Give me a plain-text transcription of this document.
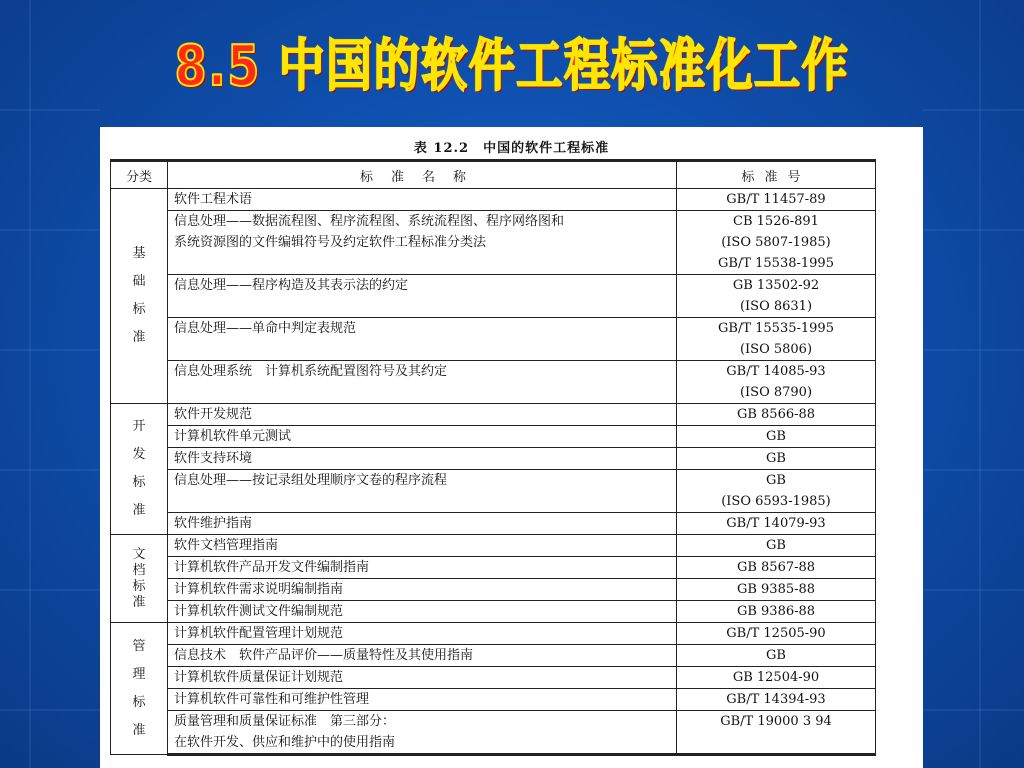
8.5 中国的软件工程标准化工作
表 12.2　中国的软件工程标准
分类	标准名称	标准号

基
础
标
准	软件工程术语	GB/T 11457-89
	信息处理——数据流程图、程序流程图、系统流程图、程序网络图和
系统资源图的文件编辑符号及约定软件工程标准分类法	CB 1526-891
(ISO 5807-1985)
GB/T 15538-1995
	信息处理——程序构造及其表示法的约定	GB 13502-92
(ISO 8631)
	信息处理——单命中判定表规范	GB/T 15535-1995
(ISO 5806)
	信息处理系统　计算机系统配置图符号及其约定	GB/T 14085-93
(ISO 8790)

开
发
标
准	软件开发规范	GB 8566-88
	计算机软件单元测试	GB
	软件支持环境	GB
	信息处理——按记录组处理顺序文卷的程序流程	GB
(ISO 6593-1985)
	软件维护指南	GB/T 14079-93

文
档
标
准	软件文档管理指南	GB
	计算机软件产品开发文件编制指南	GB 8567-88
	计算机软件需求说明编制指南	GB 9385-88
	计算机软件测试文件编制规范	GB 9386-88

管
理
标
准	计算机软件配置管理计划规范	GB/T 12505-90
	信息技术　软件产品评价——质量特性及其使用指南	GB
	计算机软件质量保证计划规范	GB 12504-90
	计算机软件可靠性和可维护性管理	GB/T 14394-93
	质量管理和质量保证标准　第三部分：
在软件开发、供应和维护中的使用指南	GB/T 19000 3 94
